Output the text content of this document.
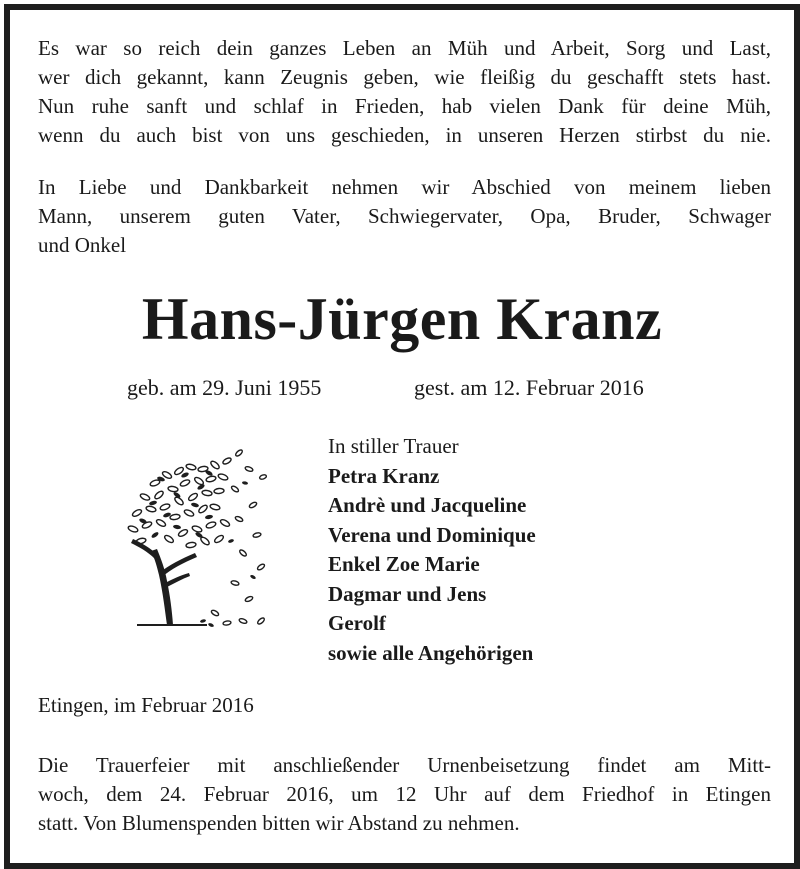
Es war so reich dein ganzes Leben an Müh und Arbeit, Sorg und Last,
wer dich gekannt, kann Zeugnis geben, wie fleißig du geschafft stets hast.
Nun ruhe sanft und schlaf in Frieden, hab vielen Dank für deine Müh,
wenn du auch bist von uns geschieden, in unseren Herzen stirbst du nie.
In Liebe und Dankbarkeit nehmen wir Abschied von meinem lieben
Mann, unserem guten Vater, Schwiegervater, Opa, Bruder, Schwager
und Onkel
Hans-Jürgen Kranz
geb. am 29. Juni 1955	gest. am 12. Februar 2016
In stiller Trauer
Petra Kranz
Andrè und Jacqueline
Verena und Dominique
Enkel Zoe Marie
Dagmar und Jens
Gerolf
sowie alle Angehörigen
Etingen, im Februar 2016
Die Trauerfeier mit anschließender Urnenbeisetzung findet am Mitt-
woch, dem 24. Februar 2016, um 12 Uhr auf dem Friedhof in Etingen
statt. Von Blumenspenden bitten wir Abstand zu nehmen.
